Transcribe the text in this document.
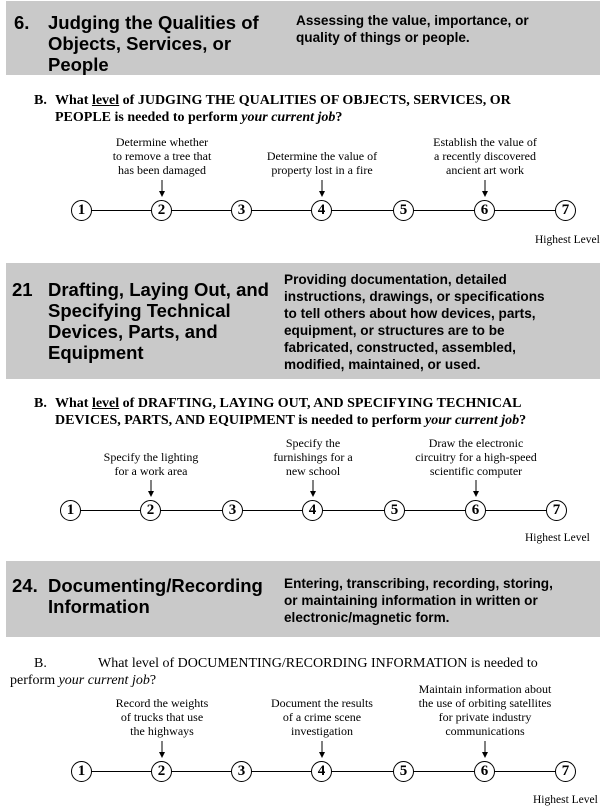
6. Judging the Qualities of
Objects, Services, or
People
Assessing the value, importance, or
quality of things or people.
B. What level of JUDGING THE QUALITIES OF OBJECTS, SERVICES, OR
PEOPLE is needed to perform your current job?
Determine whether
to remove a tree that
has been damaged
Determine the value of
property lost in a fire
Establish the value of
a recently discovered
ancient art work
1	2	3	4	5	6	7
Highest Level
21 Drafting, Laying Out, and
Specifying Technical
Devices, Parts, and
Equipment
Providing documentation, detailed
instructions, drawings, or specifications
to tell others about how devices, parts,
equipment, or structures are to be
fabricated, constructed, assembled,
modified, maintained, or used.
B. What level of DRAFTING, LAYING OUT, AND SPECIFYING TECHNICAL
DEVICES, PARTS, AND EQUIPMENT is needed to perform your current job?
Specify the lighting
for a work area
Specify the
furnishings for a
new school
Draw the electronic
circuitry for a high-speed
scientific computer
1	2	3	4	5	6	7
Highest Level
24. Documenting/Recording
Information
Entering, transcribing, recording, storing,
or maintaining information in written or
electronic/magnetic form.
B.	What level of DOCUMENTING/RECORDING INFORMATION is needed to
perform your current job?
Record the weights
of trucks that use
the highways
Document the results
of a crime scene
investigation
Maintain information about
the use of orbiting satellites
for private industry
communications
1	2	3	4	5	6	7
Highest Level
